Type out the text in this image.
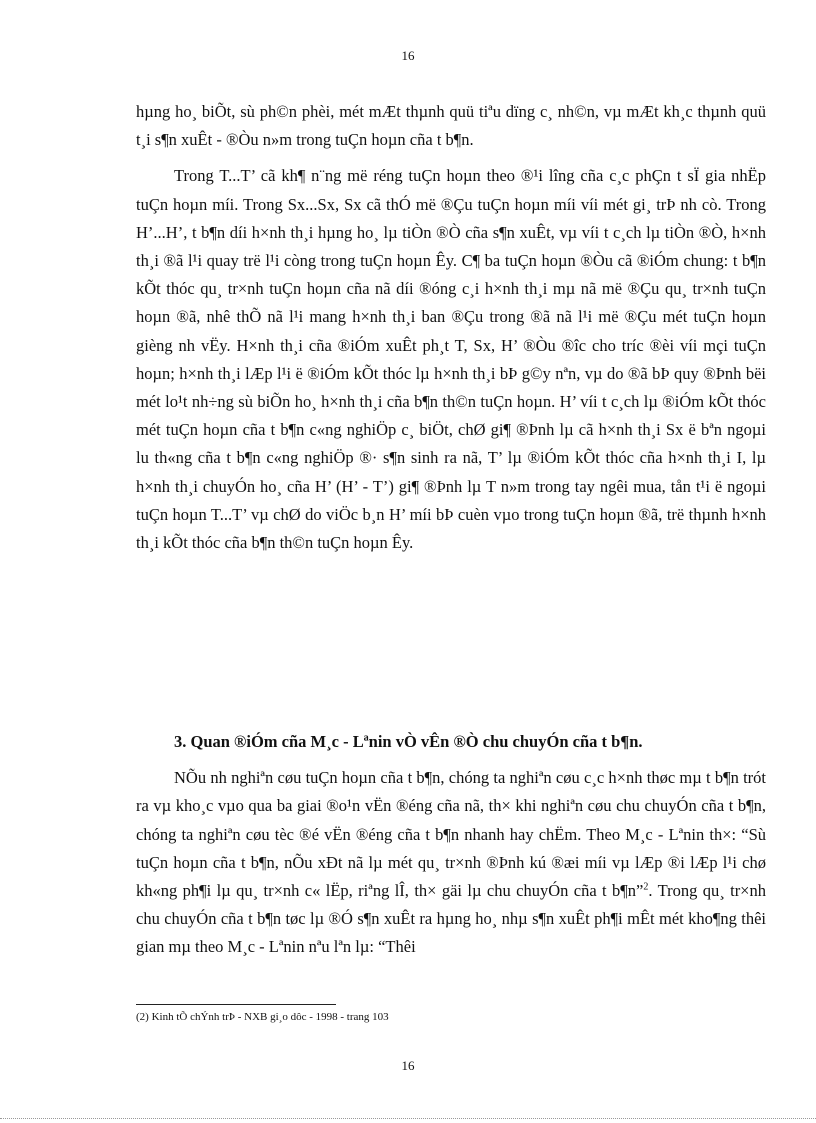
16

hµng ho¸ biÕt, sù ph©n phèi, mét mÆt thµnh quü tiªu dïng c¸ nh©n, vµ mÆt kh¸c thµnh quü t¸i s¶n xuÊt - ®Òu n»m trong tuÇn hoµn cña t b¶n.

Trong T...T’ cã kh¶ n¨ng më réng tuÇn hoµn theo ®¹i lîng cña c¸c phÇn t sÏ gia nhËp tuÇn hoµn míi. Trong Sx...Sx, Sx cã thÓ më ®Çu tuÇn hoµn míi víi mét gi¸ trÞ nh cò. Trong H’...H’, t b¶n díi h×nh th¸i hµng ho¸ lµ tiÒn ®Ò cña s¶n xuÊt, vµ víi t c¸ch lµ tiÒn ®Ò, h×nh th¸i ®ã l¹i quay trë l¹i còng trong tuÇn hoµn Êy. C¶ ba tuÇn hoµn ®Òu cã ®iÓm chung: t b¶n kÕt thóc qu¸ tr×nh tuÇn hoµn cña nã díi ®óng c¸i h×nh th¸i mµ nã më ®Çu qu¸ tr×nh tuÇn hoµn ®ã, nhê thÕ nã l¹i mang h×nh th¸i ban ®Çu trong ®ã nã l¹i më ®Çu mét tuÇn hoµn gièng nh vËy. H×nh th¸i cña ®iÓm xuÊt ph¸t T, Sx, H’ ®Òu ®îc cho tríc ®èi víi mçi tuÇn hoµn; h×nh th¸i lÆp l¹i ë ®iÓm kÕt thóc lµ h×nh th¸i bÞ g©y nªn, vµ do ®ã bÞ quy ®Þnh bëi mét lo¹t nh÷ng sù biÕn ho¸ h×nh th¸i cña b¶n th©n tuÇn hoµn. H’ víi t c¸ch lµ ®iÓm kÕt thóc mét tuÇn hoµn cña t b¶n c«ng nghiÖp c¸ biÖt, chØ gi¶ ®Þnh lµ cã h×nh th¸i Sx ë bªn ngoµi lu th«ng cña t b¶n c«ng nghiÖp ®· s¶n sinh ra nã, T’ lµ ®iÓm kÕt thóc cña h×nh th¸i I, lµ h×nh th¸i chuyÓn ho¸ cña H’ (H’ - T’) gi¶ ®Þnh lµ T n»m trong tay ngêi mua, tån t¹i ë ngoµi tuÇn hoµn T...T’ vµ chØ do viÖc b¸n H’ míi bÞ cuèn vµo trong tuÇn hoµn ®ã, trë thµnh h×nh th¸i kÕt thóc cña b¶n th©n tuÇn hoµn Êy.

3. Quan ®iÓm cña M¸c - Lªnin vÒ vÊn ®Ò chu chuyÓn cña t b¶n.

NÕu nh nghiªn cøu tuÇn hoµn cña t b¶n, chóng ta nghiªn cøu c¸c h×nh thøc mµ t b¶n trót ra vµ kho¸c vµo qua ba giai ®o¹n vËn ®éng cña nã, th× khi nghiªn cøu chu chuyÓn cña t b¶n, chóng ta nghiªn cøu tèc ®é vËn ®éng cña t b¶n nhanh hay chËm. Theo M¸c - Lªnin th×: “Sù tuÇn hoµn cña t b¶n, nÕu xÐt nã lµ mét qu¸ tr×nh ®Þnh kú ®æi míi vµ lÆp ®i lÆp l¹i chø kh«ng ph¶i lµ qu¸ tr×nh c« lËp, riªng lÎ, th× gäi lµ chu chuyÓn cña t b¶n”$^2$. Trong qu¸ tr×nh chu chuyÓn cña t b¶n tøc lµ ®Ó s¶n xuÊt ra hµng ho¸ nhµ s¶n xuÊt ph¶i mÊt mét kho¶ng thêi gian mµ theo M¸c - Lªnin nªu lªn lµ: “Thêi

(2) Kinh tÕ chÝnh trÞ - NXB gi¸o dôc - 1998 - trang 103
16
